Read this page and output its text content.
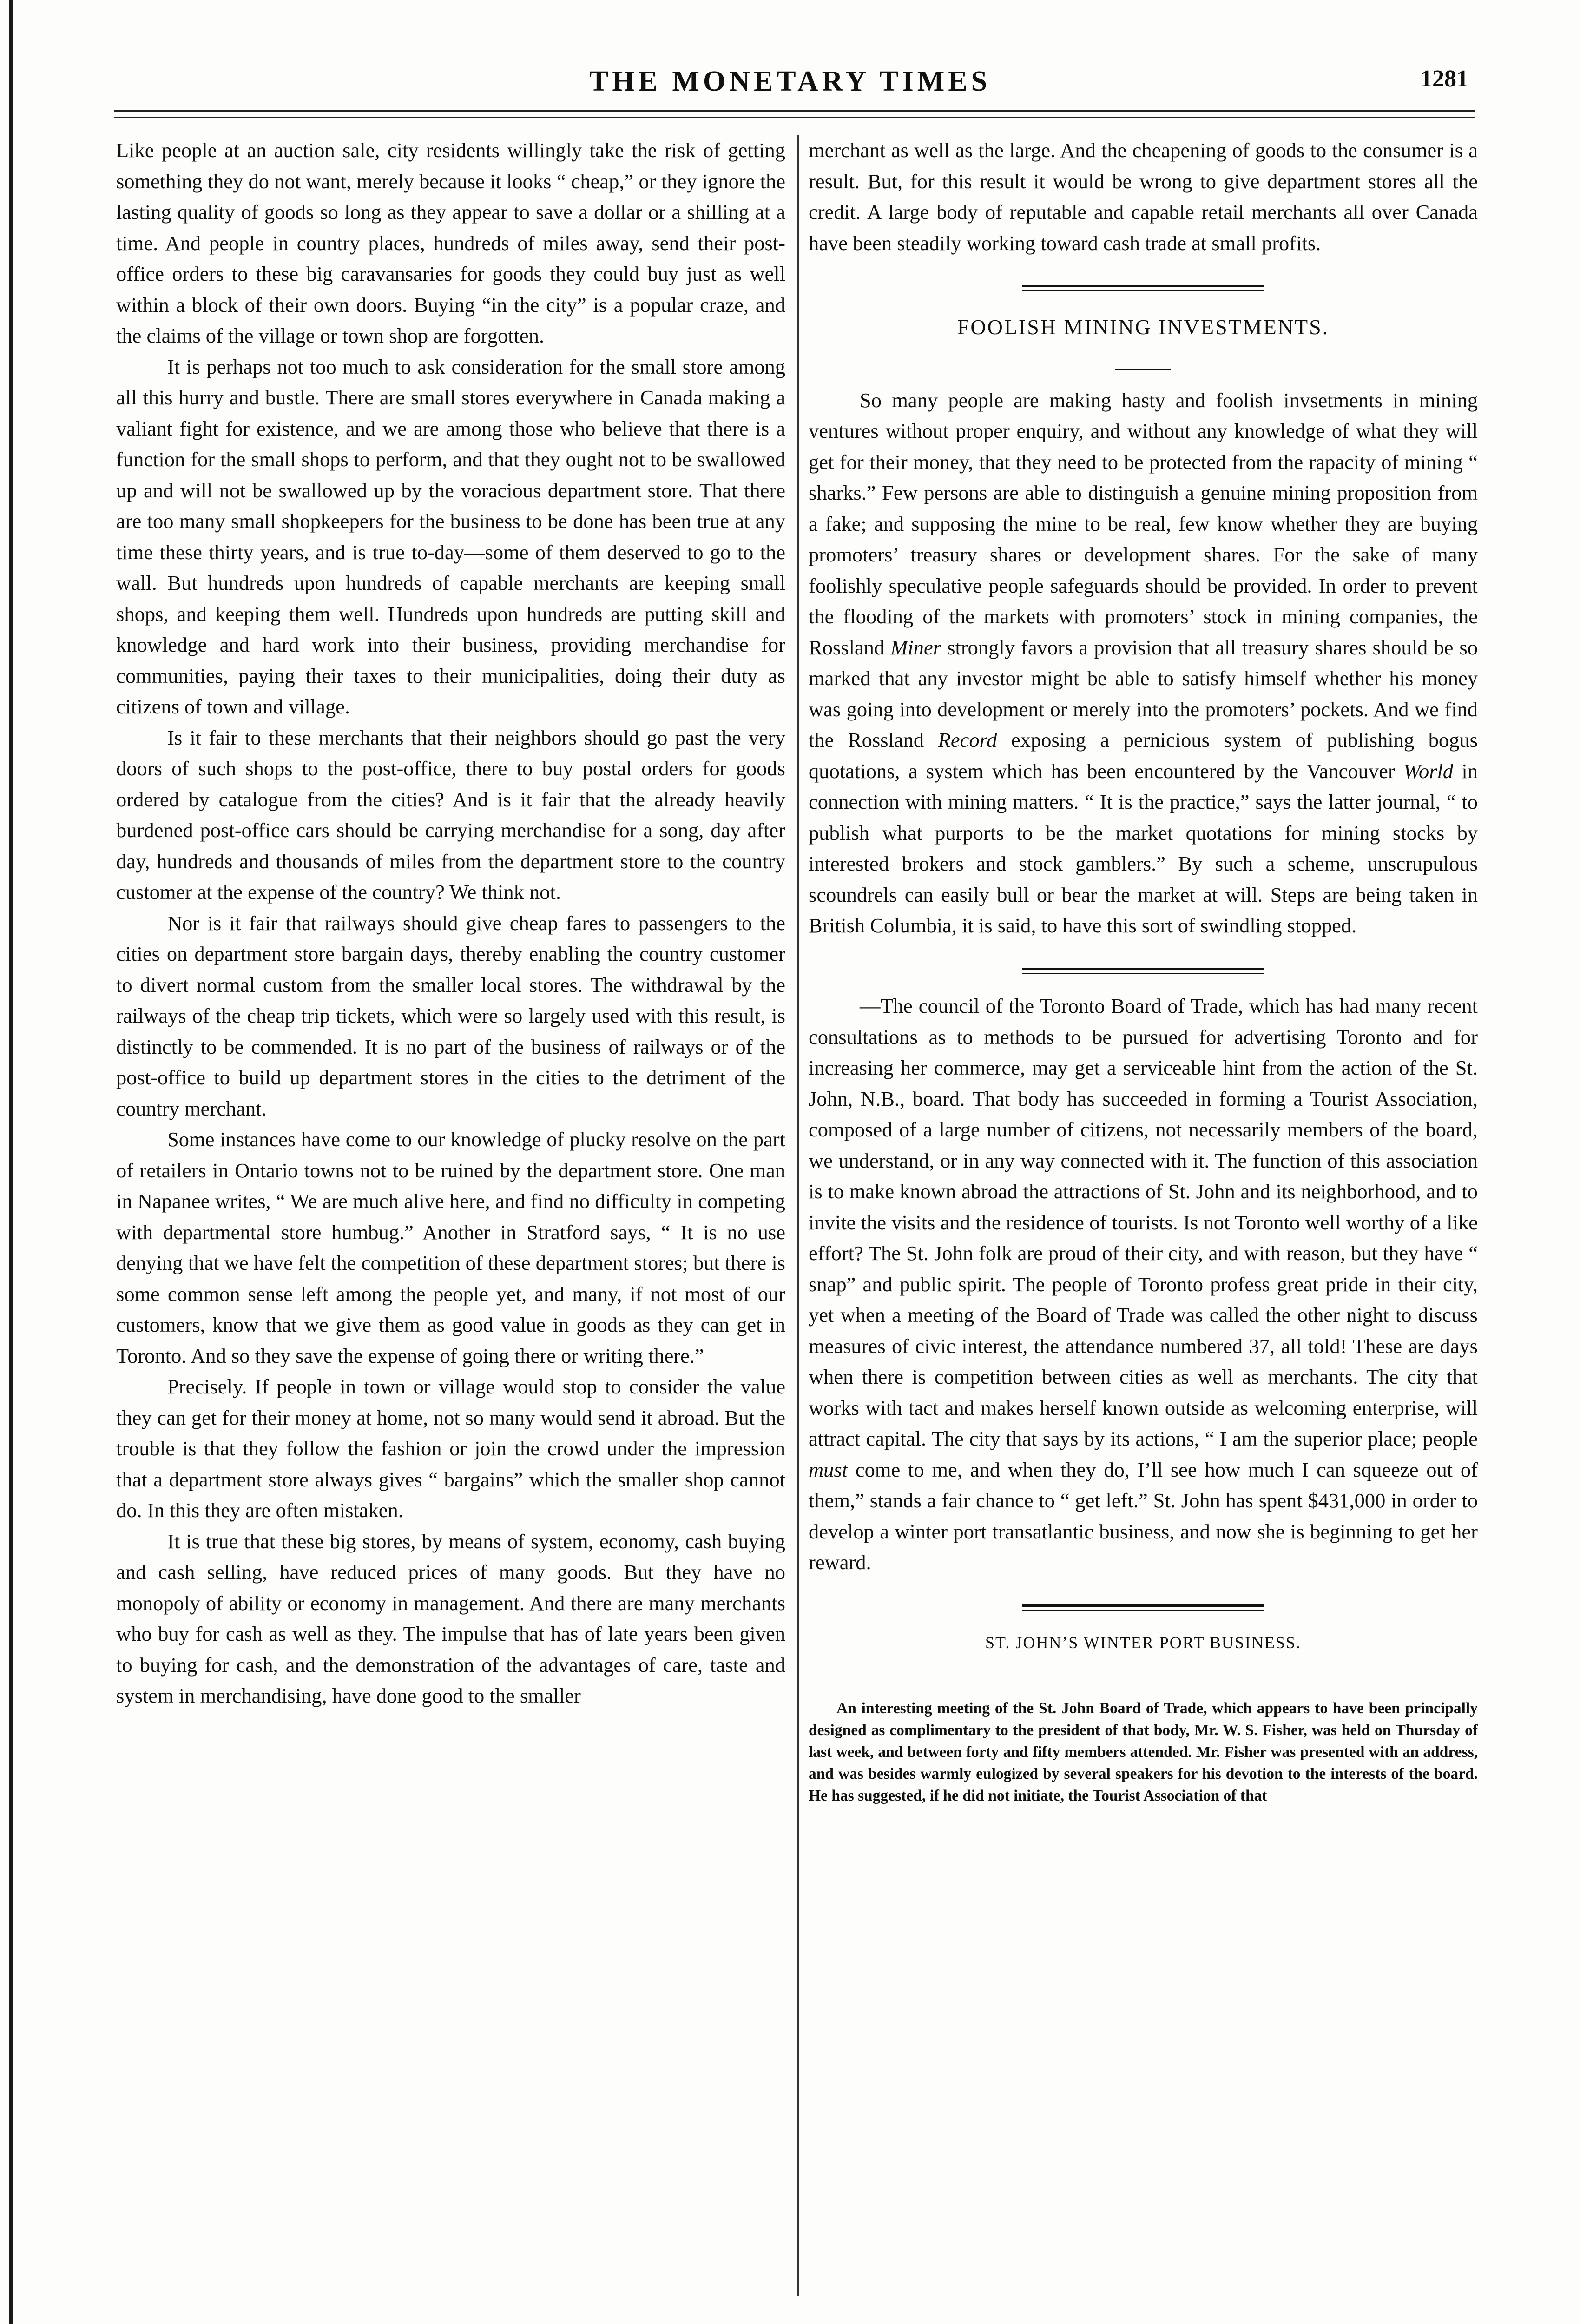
THE MONETARY TIMES	1281

Like people at an auction sale, city residents willingly take the risk of getting something they do not want, merely because it looks “ cheap,” or they ignore the lasting quality of goods so long as they appear to save a dollar or a shilling at a time. And people in country places, hundreds of miles away, send their post-office orders to these big caravansaries for goods they could buy just as well within a block of their own doors. Buying “in the city” is a popular craze, and the claims of the village or town shop are forgotten.

It is perhaps not too much to ask consideration for the small store among all this hurry and bustle. There are small stores everywhere in Canada making a valiant fight for existence, and we are among those who believe that there is a function for the small shops to perform, and that they ought not to be swallowed up and will not be swallowed up by the voracious department store. That there are too many small shopkeepers for the business to be done has been true at any time these thirty years, and is true to-day—some of them deserved to go to the wall. But hundreds upon hundreds of capable merchants are keeping small shops, and keeping them well. Hundreds upon hundreds are putting skill and knowledge and hard work into their business, providing merchandise for communities, paying their taxes to their municipalities, doing their duty as citizens of town and village.

Is it fair to these merchants that their neighbors should go past the very doors of such shops to the post-office, there to buy postal orders for goods ordered by catalogue from the cities? And is it fair that the already heavily burdened post-office cars should be carrying merchandise for a song, day after day, hundreds and thousands of miles from the department store to the country customer at the expense of the country? We think not.

Nor is it fair that railways should give cheap fares to passengers to the cities on department store bargain days, thereby enabling the country customer to divert normal custom from the smaller local stores. The withdrawal by the railways of the cheap trip tickets, which were so largely used with this result, is distinctly to be commended. It is no part of the business of railways or of the post-office to build up department stores in the cities to the detriment of the country merchant.

Some instances have come to our knowledge of plucky resolve on the part of retailers in Ontario towns not to be ruined by the department store. One man in Napanee writes, “ We are much alive here, and find no difficulty in competing with departmental store humbug.” Another in Stratford says, “ It is no use denying that we have felt the competition of these department stores; but there is some common sense left among the people yet, and many, if not most of our customers, know that we give them as good value in goods as they can get in Toronto. And so they save the expense of going there or writing there.”

Precisely. If people in town or village would stop to consider the value they can get for their money at home, not so many would send it abroad. But the trouble is that they follow the fashion or join the crowd under the impression that a department store always gives “ bargains” which the smaller shop cannot do. In this they are often mistaken.

It is true that these big stores, by means of system, economy, cash buying and cash selling, have reduced prices of many goods. But they have no monopoly of ability or economy in management. And there are many merchants who buy for cash as well as they. The impulse that has of late years been given to buying for cash, and the demonstration of the advantages of care, taste and system in merchandising, have done good to the smaller

merchant as well as the large. And the cheapening of goods to the consumer is a result. But, for this result it would be wrong to give department stores all the credit. A large body of reputable and capable retail merchants all over Canada have been steadily working toward cash trade at small profits.

FOOLISH MINING INVESTMENTS.

So many people are making hasty and foolish invsetments in mining ventures without proper enquiry, and without any knowledge of what they will get for their money, that they need to be protected from the rapacity of mining “ sharks.” Few persons are able to distinguish a genuine mining proposition from a fake; and supposing the mine to be real, few know whether they are buying promoters’ treasury shares or development shares. For the sake of many foolishly speculative people safeguards should be provided. In order to prevent the flooding of the markets with promoters’ stock in mining companies, the Rossland Miner strongly favors a provision that all treasury shares should be so marked that any investor might be able to satisfy himself whether his money was going into development or merely into the promoters’ pockets. And we find the Rossland Record exposing a pernicious system of publishing bogus quotations, a system which has been encountered by the Vancouver World in connection with mining matters. “ It is the practice,” says the latter journal, “ to publish what purports to be the market quotations for mining stocks by interested brokers and stock gamblers.” By such a scheme, unscrupulous scoundrels can easily bull or bear the market at will. Steps are being taken in British Columbia, it is said, to have this sort of swindling stopped.

—The council of the Toronto Board of Trade, which has had many recent consultations as to methods to be pursued for advertising Toronto and for increasing her commerce, may get a serviceable hint from the action of the St. John, N.B., board. That body has succeeded in forming a Tourist Association, composed of a large number of citizens, not necessarily members of the board, we understand, or in any way connected with it. The function of this association is to make known abroad the attractions of St. John and its neighborhood, and to invite the visits and the residence of tourists. Is not Toronto well worthy of a like effort? The St. John folk are proud of their city, and with reason, but they have “ snap” and public spirit. The people of Toronto profess great pride in their city, yet when a meeting of the Board of Trade was called the other night to discuss measures of civic interest, the attendance numbered 37, all told! These are days when there is competition between cities as well as merchants. The city that works with tact and makes herself known outside as welcoming enterprise, will attract capital. The city that says by its actions, “ I am the superior place; people must come to me, and when they do, I’ll see how much I can squeeze out of them,” stands a fair chance to “ get left.” St. John has spent $431,000 in order to develop a winter port transatlantic business, and now she is beginning to get her reward.

ST. JOHN’S WINTER PORT BUSINESS.

An interesting meeting of the St. John Board of Trade, which appears to have been principally designed as complimentary to the president of that body, Mr. W. S. Fisher, was held on Thursday of last week, and between forty and fifty members attended. Mr. Fisher was presented with an address, and was besides warmly eulogized by several speakers for his devotion to the interests of the board. He has suggested, if he did not initiate, the Tourist Association of that
